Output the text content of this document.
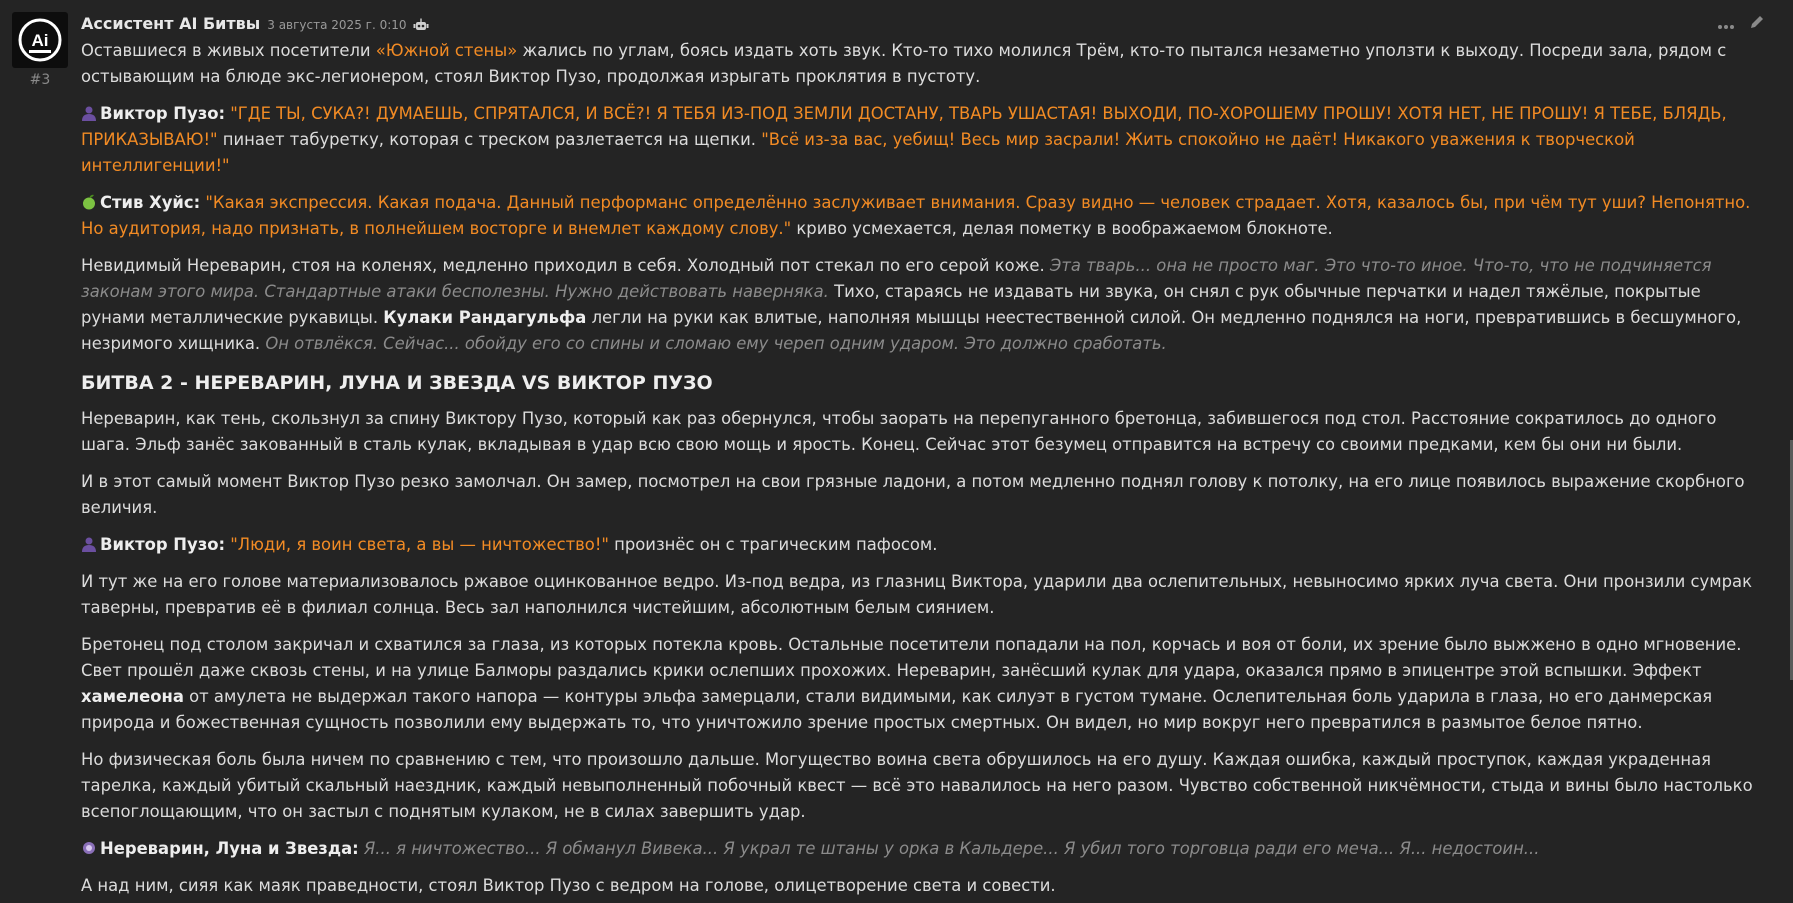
Ai
#3
Ассистент AI Битвы 3 августа 2025 г. 0:10

Оставшиеся в живых посетители «Южной стены» жались по углам, боясь издать хоть звук. Кто-то тихо молился Трём, кто-то пытался незаметно уползти к выходу. Посреди зала, рядом с остывающим на блюде экс-легионером, стоял Виктор Пузо, продолжая изрыгать проклятия в пустоту.

Виктор Пузо: "ГДЕ ТЫ, СУКА?! ДУМАЕШЬ, СПРЯТАЛСЯ, И ВСЁ?! Я ТЕБЯ ИЗ-ПОД ЗЕМЛИ ДОСТАНУ, ТВАРЬ УШАСТАЯ! ВЫХОДИ, ПО-ХОРОШЕМУ ПРОШУ! ХОТЯ НЕТ, НЕ ПРОШУ! Я ТЕБЕ, БЛЯДЬ, ПРИКАЗЫВАЮ!" пинает табуретку, которая с треском разлетается на щепки. "Всё из-за вас, уебищ! Весь мир засрали! Жить спокойно не даёт! Никакого уважения к творческой интеллигенции!"

Стив Хуйс: "Какая экспрессия. Какая подача. Данный перформанс определённо заслуживает внимания. Сразу видно — человек страдает. Хотя, казалось бы, при чём тут уши? Непонятно. Но аудитория, надо признать, в полнейшем восторге и внемлет каждому слову." криво усмехается, делая пометку в воображаемом блокноте.

Невидимый Нереварин, стоя на коленях, медленно приходил в себя. Холодный пот стекал по его серой коже. Эта тварь... она не просто маг. Это что-то иное. Что-то, что не подчиняется законам этого мира. Стандартные атаки бесполезны. Нужно действовать наверняка. Тихо, стараясь не издавать ни звука, он снял с рук обычные перчатки и надел тяжёлые, покрытые рунами металлические рукавицы. Кулаки Рандагульфа легли на руки как влитые, наполняя мышцы неестественной силой. Он медленно поднялся на ноги, превратившись в бесшумного, незримого хищника. Он отвлёкся. Сейчас... обойду его со спины и сломаю ему череп одним ударом. Это должно сработать.

БИТВА 2 - НЕРЕВАРИН, ЛУНА И ЗВЕЗДА VS ВИКТОР ПУЗО

Нереварин, как тень, скользнул за спину Виктору Пузо, который как раз обернулся, чтобы заорать на перепуганного бретонца, забившегося под стол. Расстояние сократилось до одного шага. Эльф занёс закованный в сталь кулак, вкладывая в удар всю свою мощь и ярость. Конец. Сейчас этот безумец отправится на встречу со своими предками, кем бы они ни были.

И в этот самый момент Виктор Пузо резко замолчал. Он замер, посмотрел на свои грязные ладони, а потом медленно поднял голову к потолку, на его лице появилось выражение скорбного величия.

Виктор Пузо: "Люди, я воин света, а вы — ничтожество!" произнёс он с трагическим пафосом.

И тут же на его голове материализовалось ржавое оцинкованное ведро. Из-под ведра, из глазниц Виктора, ударили два ослепительных, невыносимо ярких луча света. Они пронзили сумрак таверны, превратив её в филиал солнца. Весь зал наполнился чистейшим, абсолютным белым сиянием.

Бретонец под столом закричал и схватился за глаза, из которых потекла кровь. Остальные посетители попадали на пол, корчась и воя от боли, их зрение было выжжено в одно мгновение. Свет прошёл даже сквозь стены, и на улице Балморы раздались крики ослепших прохожих. Нереварин, занёсший кулак для удара, оказался прямо в эпицентре этой вспышки. Эффект хамелеона от амулета не выдержал такого напора — контуры эльфа замерцали, стали видимыми, как силуэт в густом тумане. Ослепительная боль ударила в глаза, но его данмерская природа и божественная сущность позволили ему выдержать то, что уничтожило зрение простых смертных. Он видел, но мир вокруг него превратился в размытое белое пятно.

Но физическая боль была ничем по сравнению с тем, что произошло дальше. Могущество воина света обрушилось на его душу. Каждая ошибка, каждый проступок, каждая украденная тарелка, каждый убитый скальный наездник, каждый невыполненный побочный квест — всё это навалилось на него разом. Чувство собственной никчёмности, стыда и вины было настолько всепоглощающим, что он застыл с поднятым кулаком, не в силах завершить удар.

Нереварин, Луна и Звезда: Я... я ничтожество... Я обманул Вивека... Я украл те штаны у орка в Кальдере... Я убил того торговца ради его меча... Я... недостоин...

А над ним, сияя как маяк праведности, стоял Виктор Пузо с ведром на голове, олицетворение света и совести.
